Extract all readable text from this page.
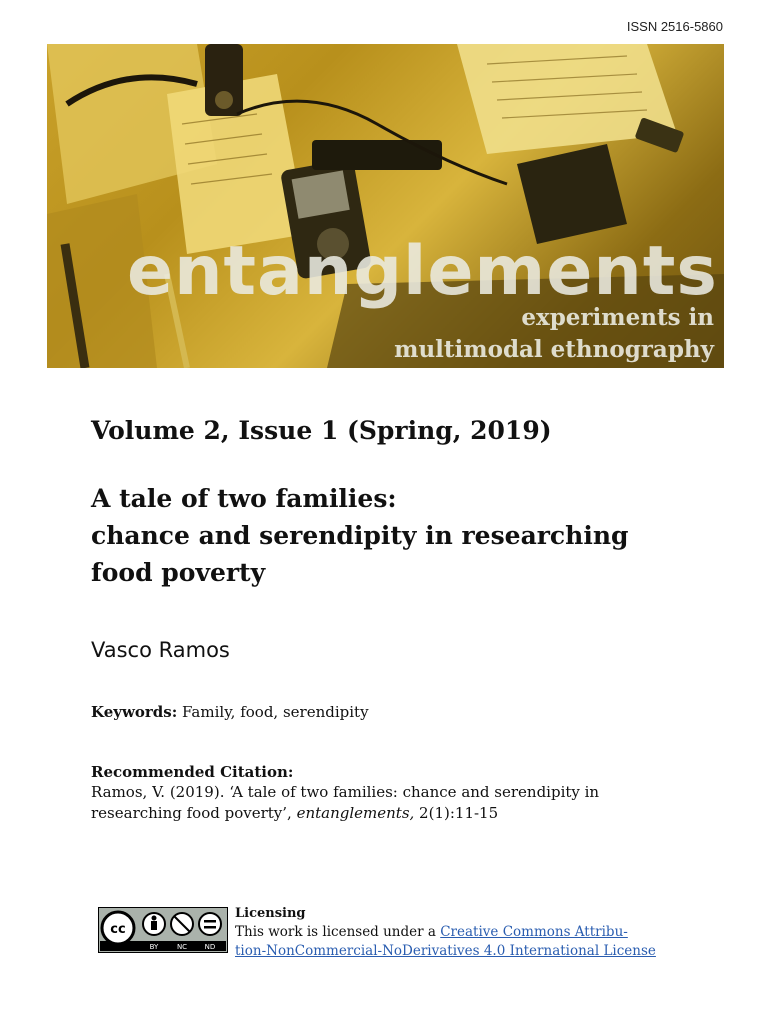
ISSN 2516-5860
entanglements
experiments in
multimodal ethnography
Volume 2, Issue 1 (Spring, 2019)
A tale of two families:
chance and serendipity in researching
food poverty
Vasco Ramos
Keywords: Family, food, serendipity
Recommended Citation:
Ramos, V. (2019). ‘A tale of two families: chance and serendipity in
researching food poverty’, entanglements, 2(1):11-15
cc
BY	NC	ND
Licensing
This work is licensed under a Creative Commons Attribu-
tion-NonCommercial-NoDerivatives 4.0 International License
